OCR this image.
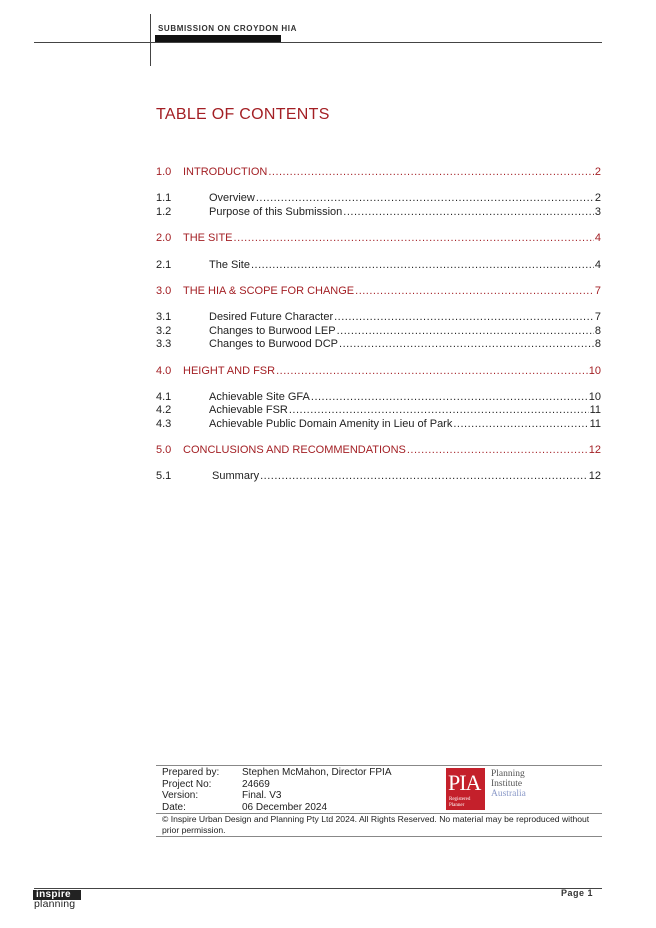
SUBMISSION ON CROYDON HIA
TABLE OF CONTENTS
1.0	INTRODUCTION .....	2
1.1	Overview .....	2
1.2	Purpose of this Submission .....	3
2.0	THE SITE .....	4
2.1	The Site .....	4
3.0	THE HIA & SCOPE FOR CHANGE .....	7
3.1	Desired Future Character .....	7
3.2	Changes to Burwood LEP .....	8
3.3	Changes to Burwood DCP .....	8
4.0	HEIGHT AND FSR .....	10
4.1	Achievable Site GFA .....	10
4.2	Achievable FSR .....	11
4.3	Achievable Public Domain Amenity in Lieu of Park .....	11
5.0	CONCLUSIONS AND RECOMMENDATIONS .....	12
5.1	Summary .....	12
Prepared by: Stephen McMahon, Director FPIA
Project No:	24669
Version:	Final. V3
Date:	06 December 2024
PIA
Registered Planner
Planning
Institute
Australia
© Inspire Urban Design and Planning Pty Ltd 2024. All Rights Reserved. No material may be reproduced without prior permission.
inspire
planning
Page 1
